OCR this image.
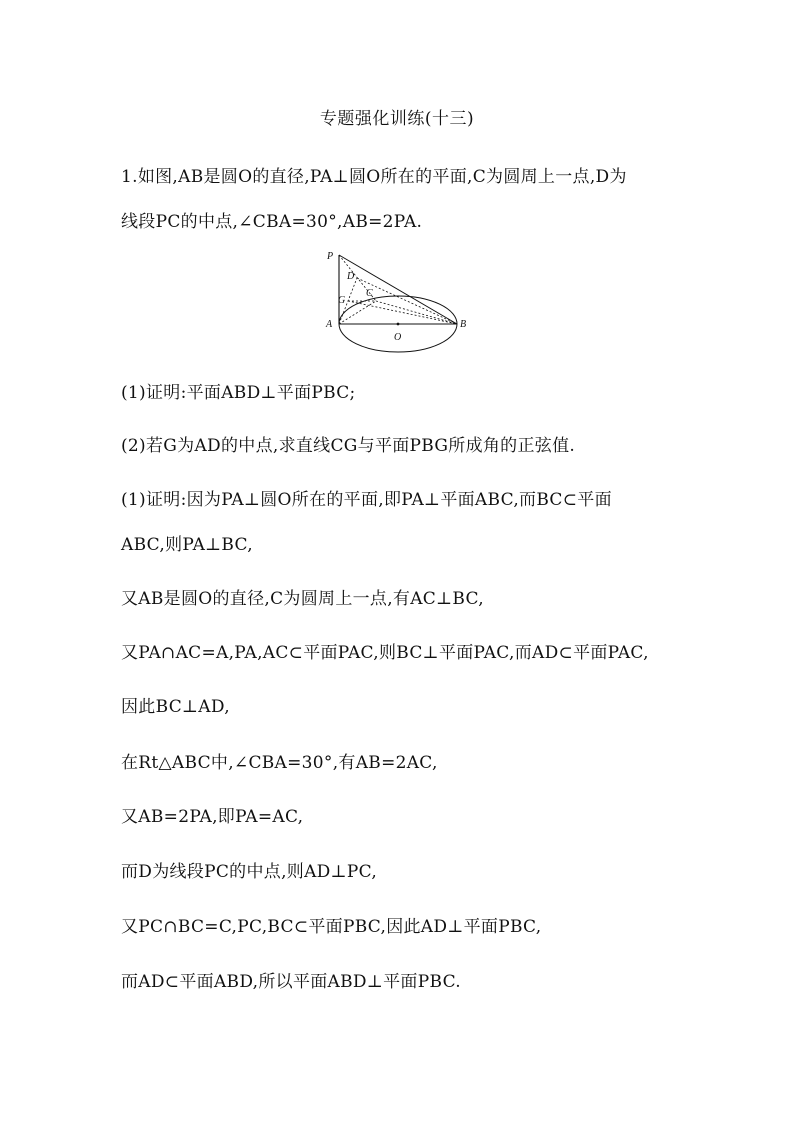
专题强化训练(十三)
1.如图,AB是圆O的直径,PA⊥圆O所在的平面,C为圆周上一点,D为
线段PC的中点,∠CBA=30°,AB=2PA.
P
D
G
C
A	B
O
(1)证明:平面ABD⊥平面PBC;
(2)若G为AD的中点,求直线CG与平面PBG所成角的正弦值.
(1)证明:因为PA⊥圆O所在的平面,即PA⊥平面ABC,而BC⊂平面
ABC,则PA⊥BC,
又AB是圆O的直径,C为圆周上一点,有AC⊥BC,
又PA∩AC=A,PA,AC⊂平面PAC,则BC⊥平面PAC,而AD⊂平面PAC,
因此BC⊥AD,
在Rt△ABC中,∠CBA=30°,有AB=2AC,
又AB=2PA,即PA=AC,
而D为线段PC的中点,则AD⊥PC,
又PC∩BC=C,PC,BC⊂平面PBC,因此AD⊥平面PBC,
而AD⊂平面ABD,所以平面ABD⊥平面PBC.
